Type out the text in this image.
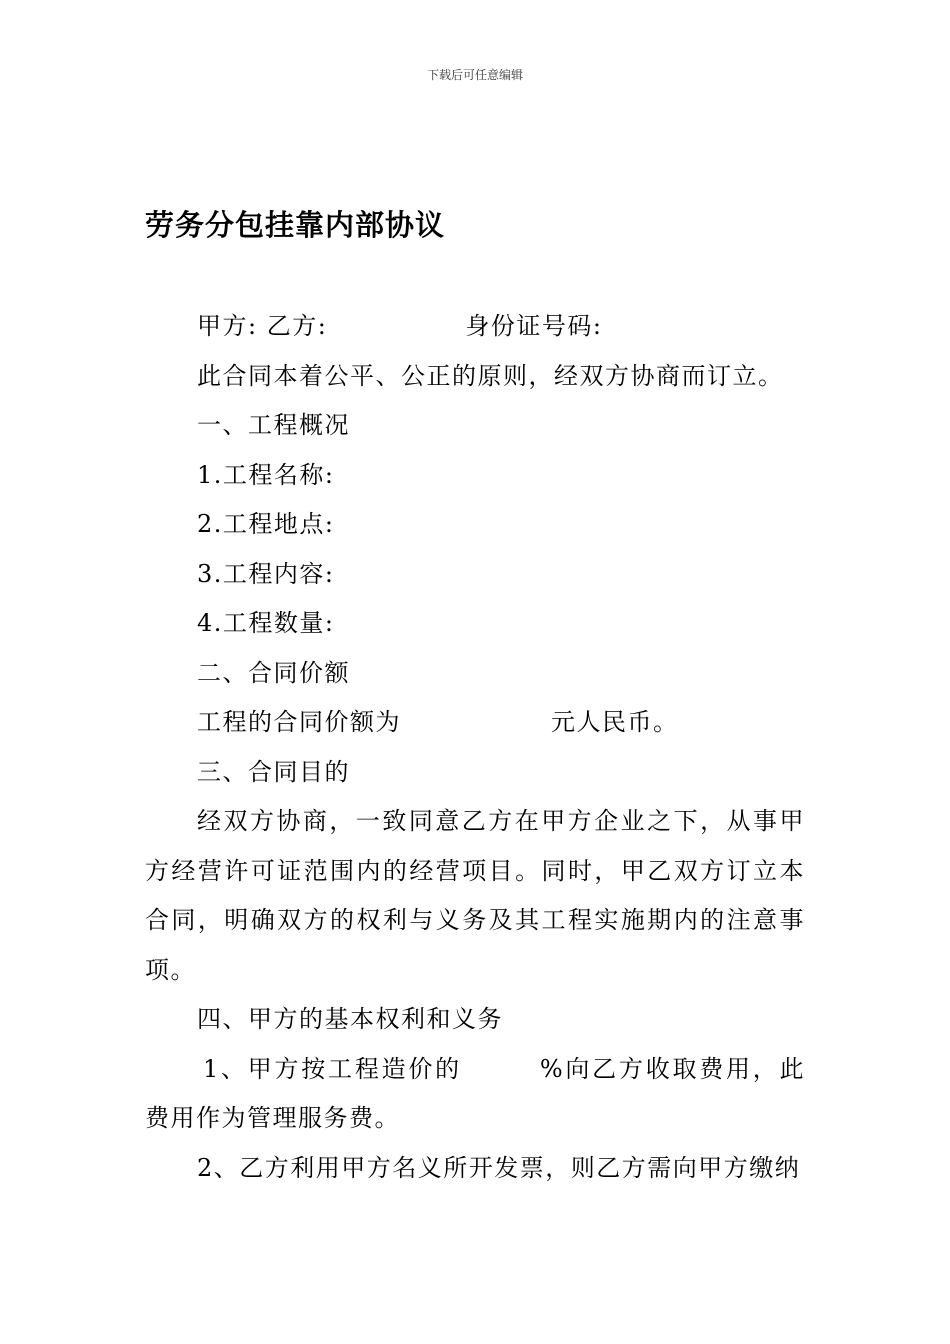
下载后可任意编辑
劳务分包挂靠内部协议
甲方: 乙方:	身份证号码:
此合同本着公平、公正的原则，经双方协商而订立。
一、工程概况
1.工程名称:
2.工程地点:
3.工程内容:
4.工程数量:
二、合同价额
工程的合同价额为	元人民币。
三、合同目的
经双方协商，一致同意乙方在甲方企业之下，从事甲方经营许可证范围内的经营项目。同时，甲乙双方订立本合同，明确双方的权利与义务及其工程实施期内的注意事项。
四、甲方的基本权利和义务
1、甲方按工程造价的	%向乙方收取费用，此费用作为管理服务费。
2、乙方利用甲方名义所开发票，则乙方需向甲方缴纳
